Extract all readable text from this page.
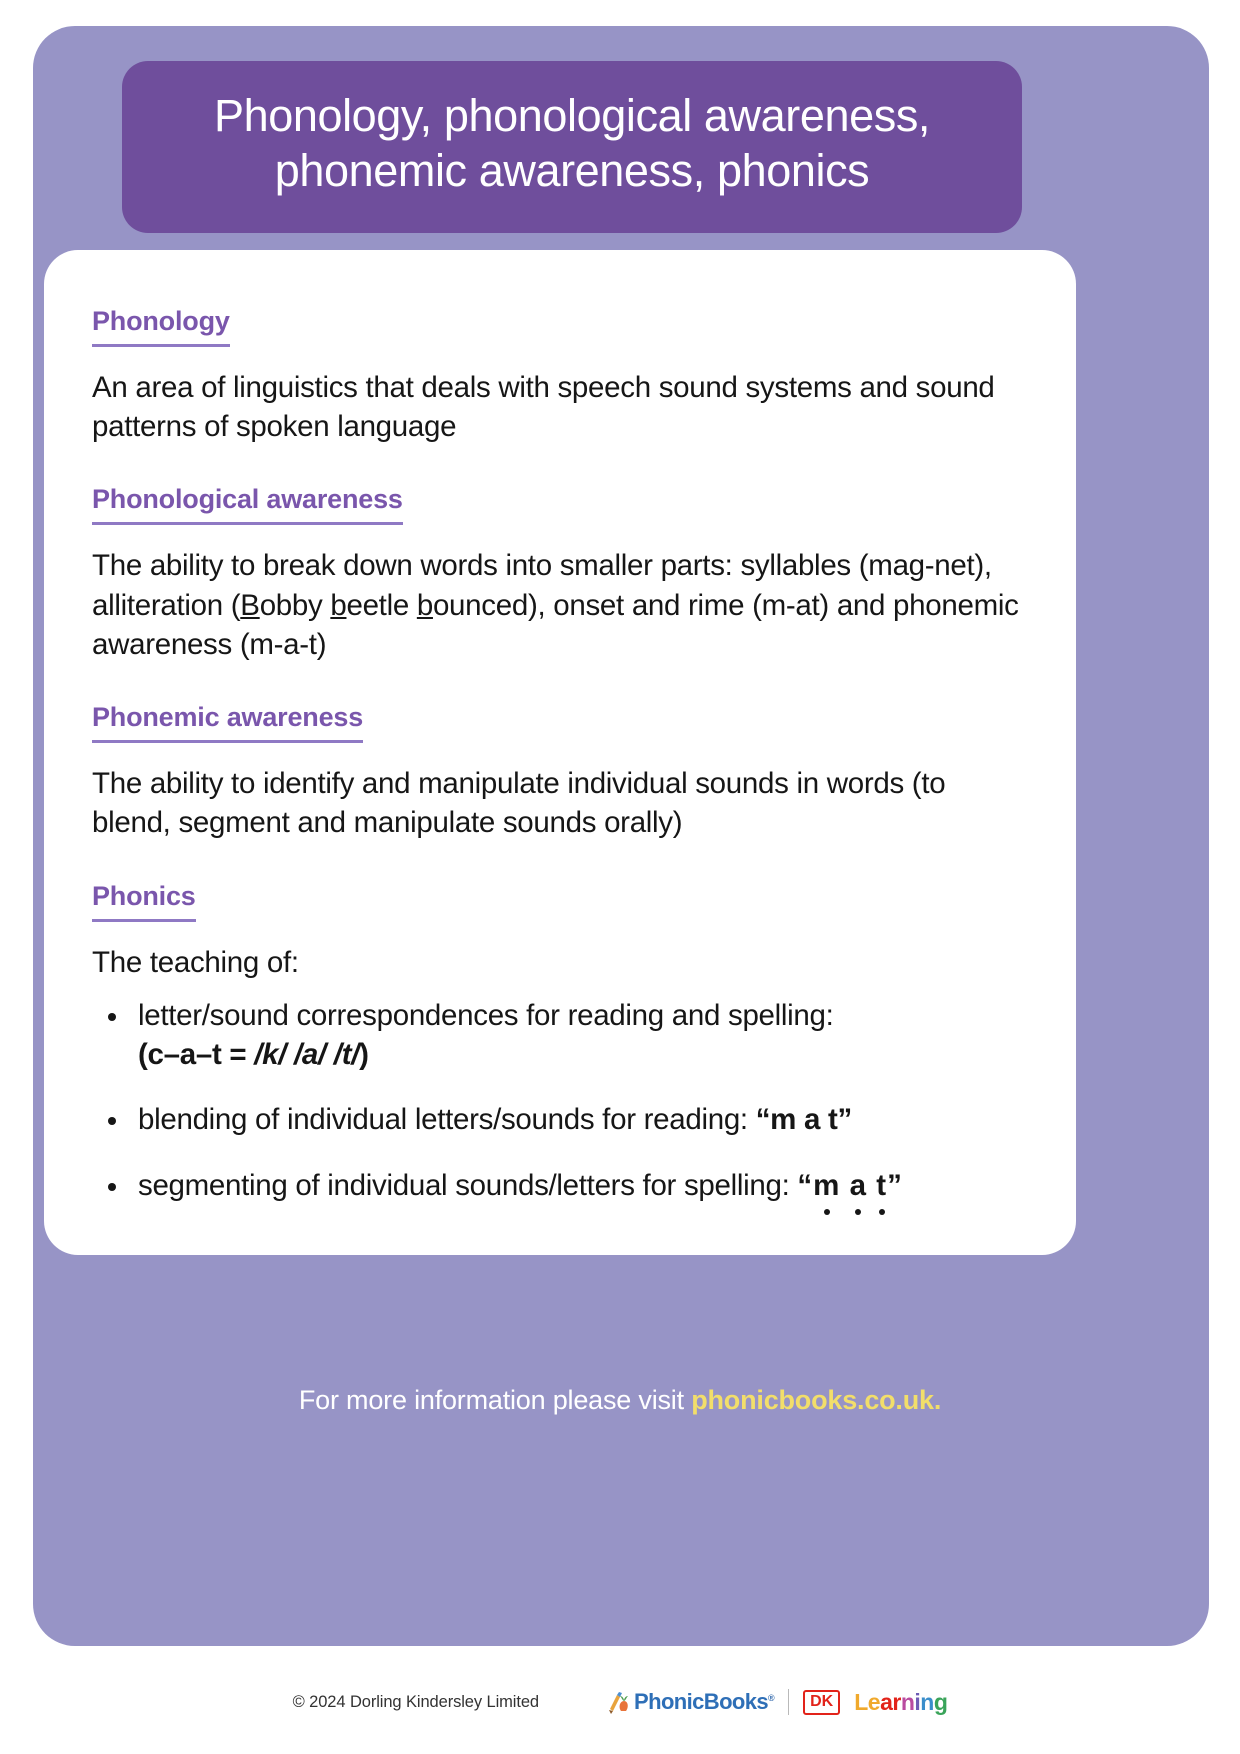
Phonology, phonological awareness,
phonemic awareness, phonics
Phonology
An area of linguistics that deals with speech sound systems and sound patterns of spoken language
Phonological awareness
The ability to break down words into smaller parts: syllables (mag-net), alliteration (Bobby beetle bounced), onset and rime (m-at) and phonemic awareness (m-a-t)
Phonemic awareness
The ability to identify and manipulate individual sounds in words (to blend, segment and manipulate sounds orally)
Phonics
The teaching of:
letter/sound correspondences for reading and spelling:
(c–a–t = /k/ /a/ /t/)
blending of individual letters/sounds for reading: “m a t”
segmenting of individual sounds/letters for spelling: “m a t”
For more information please visit phonicbooks.co.uk.
© 2024 Dorling Kindersley Limited	PhonicBooks® DK Learning
